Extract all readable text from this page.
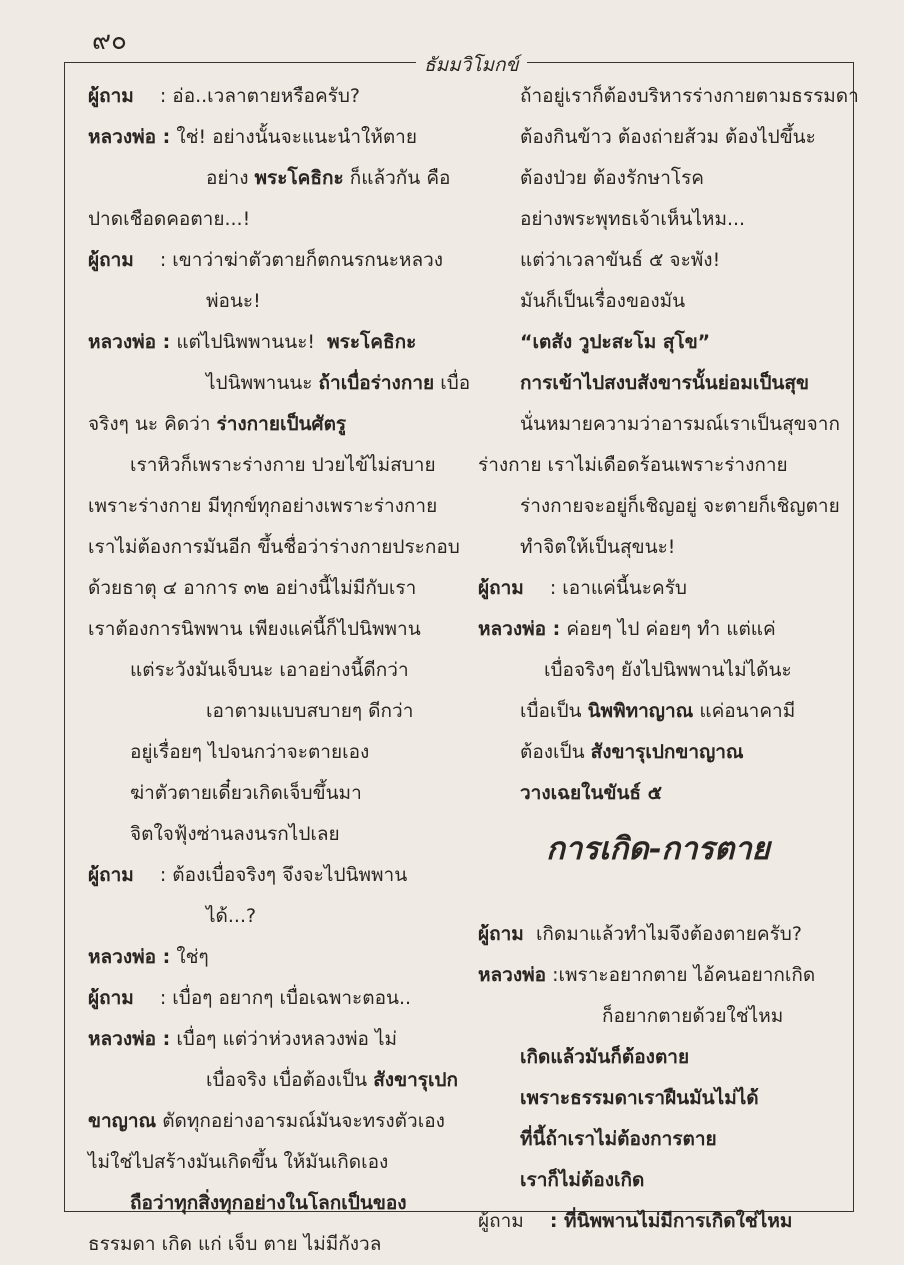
๙๐
ธัมมวิโมกข์
ผู้ถาม : อ่อ..เวลาตายหรือครับ?
หลวงพ่อ : ใช่! อย่างนั้นจะแนะนำให้ตาย
อย่าง พระโคธิกะ ก็แล้วกัน คือ
ปาดเชือดคอตาย...!
ผู้ถาม : เขาว่าฆ่าตัวตายก็ตกนรกนะหลวง
พ่อนะ!
หลวงพ่อ : แต่ไปนิพพานนะ! พระโคธิกะ
ไปนิพพานนะ ถ้าเบื่อร่างกาย เบื่อ
จริงๆ นะ คิดว่า ร่างกายเป็นศัตรู
เราหิวก็เพราะร่างกาย ปวยไข้ไม่สบาย
เพราะร่างกาย มีทุกข์ทุกอย่างเพราะร่างกาย
เราไม่ต้องการมันอีก ขึ้นชื่อว่าร่างกายประกอบ
ด้วยธาตุ ๔ อาการ ๓๒ อย่างนี้ไม่มีกับเรา
เราต้องการนิพพาน เพียงแค่นี้ก็ไปนิพพาน
แต่ระวังมันเจ็บนะ เอาอย่างนี้ดีกว่า
เอาตามแบบสบายๆ ดีกว่า
อยู่เรื่อยๆ ไปจนกว่าจะตายเอง
ฆ่าตัวตายเดี๋ยวเกิดเจ็บขึ้นมา
จิตใจฟุ้งซ่านลงนรกไปเลย
ผู้ถาม : ต้องเบื่อจริงๆ จึงจะไปนิพพาน
ได้...?
หลวงพ่อ : ใช่ๆ
ผู้ถาม : เบื่อๆ อยากๆ เบื่อเฉพาะตอน..
หลวงพ่อ : เบื่อๆ แต่ว่าห่วงหลวงพ่อ ไม่
เบื่อจริง เบื่อต้องเป็น สังขารุเปก
ขาญาณ ตัดทุกอย่างอารมณ์มันจะทรงตัวเอง
ไม่ใช่ไปสร้างมันเกิดขึ้น ให้มันเกิดเอง
ถือว่าทุกสิ่งทุกอย่างในโลกเป็นของ
ธรรมดา เกิด แก่ เจ็บ ตาย ไม่มีกังวล
ถ้าอยู่เราก็ต้องบริหารร่างกายตามธรรมดา
ต้องกินข้าว ต้องถ่ายส้วม ต้องไปขึ้นะ
ต้องป่วย ต้องรักษาโรค
อย่างพระพุทธเจ้าเห็นไหม...
แต่ว่าเวลาขันธ์ ๕ จะพัง!
มันก็เป็นเรื่องของมัน
“เตสัง วูปะสะโม สุโข”
การเข้าไปสงบสังขารนั้นย่อมเป็นสุข
นั่นหมายความว่าอารมณ์เราเป็นสุขจาก
ร่างกาย เราไม่เดือดร้อนเพราะร่างกาย
ร่างกายจะอยู่ก็เชิญอยู่ จะตายก็เชิญตาย
ทำจิตให้เป็นสุขนะ!
ผู้ถาม : เอาแค่นี้นะครับ
หลวงพ่อ : ค่อยๆ ไป ค่อยๆ ทำ แต่แค่
เบื่อจริงๆ ยังไปนิพพานไม่ได้นะ
เบื่อเป็น นิพพิทาญาณ แค่อนาคามี
ต้องเป็น สังขารุเปกขาญาณ
วางเฉยในขันธ์ ๕
การเกิด-การตาย
ผู้ถาม เกิดมาแล้วทำไมจึงต้องตายครับ?
หลวงพ่อ :เพราะอยากตาย ไอ้คนอยากเกิด
ก็อยากตายด้วยใช่ไหม
เกิดแล้วมันก็ต้องตาย
เพราะธรรมดาเราฝืนมันไม่ได้
ที่นี้ถ้าเราไม่ต้องการตาย
เราก็ไม่ต้องเกิด
ผู้ถาม : ที่นิพพานไม่มีการเกิดใช่ไหม
